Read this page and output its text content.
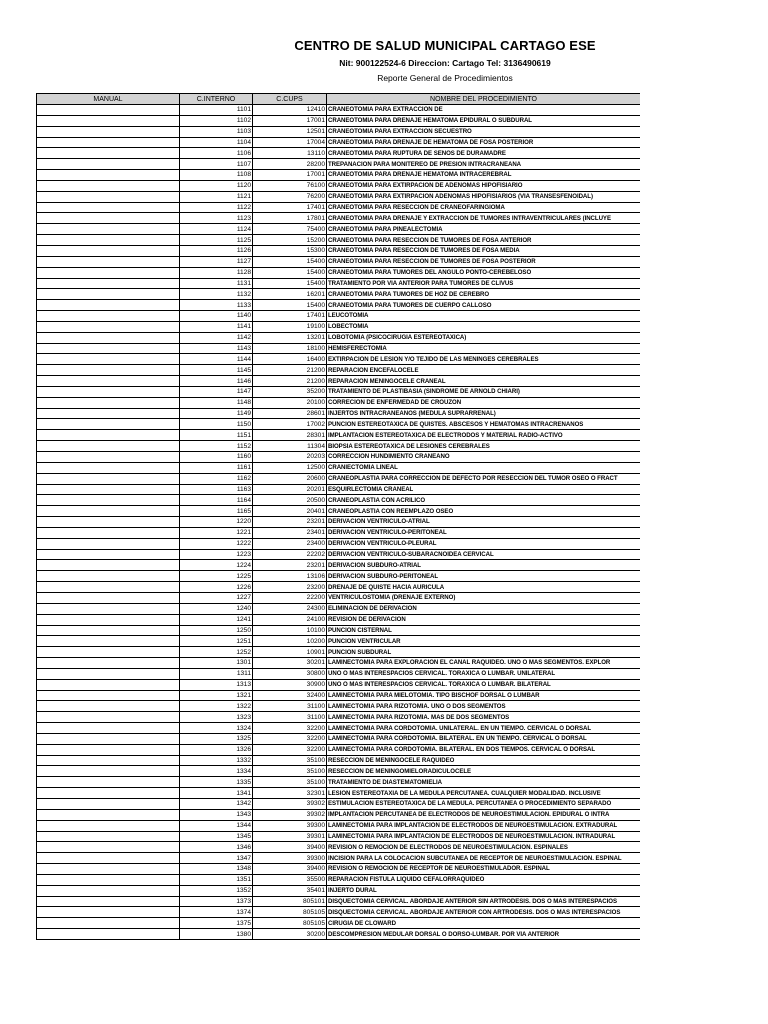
CENTRO DE SALUD MUNICIPAL CARTAGO ESE
Nit: 900122524-6 Direccion: Cartago Tel: 3136490619
Reporte General de Procedimientos
MANUAL	C.INTERNO	C.CUPS	NOMBRE DEL PROCEDIMIENTO
	1101	12410	CRANEOTOMIA PARA EXTRACCION DE
	1102	17001	CRANEOTOMIA PARA DRENAJE HEMATOMA EPIDURAL O SUBDURAL
	1103	12501	CRANEOTOMIA PARA EXTRACCION SECUESTRO
	1104	17004	CRANEOTOMIA PARA DRENAJE DE HEMATOMA DE FOSA POSTERIOR
	1106	13110	CRANEOTOMIA PARA RUPTURA DE SENOS DE DURAMADRE
	1107	28200	TREPANACION PARA MONITEREO DE PRESION INTRACRANEANA
	1108	17001	CRANEOTOMIA PARA DRENAJE HEMATOMA INTRACEREBRAL
	1120	76100	CRANEOTOMIA PARA EXTIRPACION DE ADENOMAS HIPOFISIARIO
	1121	76200	CRANEOTOMIA PARA EXTIRPACION ADENOMAS HIPOFISIARIOS (VIA TRANSESFENOIDAL)
	1122	17401	CRANEOTOMIA PARA RESECCION DE CRANEOFARINGIOMA
	1123	17801	CRANEOTOMIA PARA DRENAJE Y EXTRACCION DE TUMORES INTRAVENTRICULARES (INCLUYE
	1124	75400	CRANEOTOMIA PARA PINEALECTOMIA
	1125	15200	CRANEOTOMIA PARA RESECCION DE TUMORES DE FOSA ANTERIOR
	1126	15300	CRANEOTOMIA PARA RESECCION DE TUMORES DE FOSA MEDIA
	1127	15400	CRANEOTOMIA PARA RESECCION DE TUMORES DE FOSA POSTERIOR
	1128	15400	CRANEOTOMIA PARA TUMORES DEL ANGULO PONTO-CEREBELOSO
	1131	15400	TRATAMIENTO POR VIA ANTERIOR PARA TUMORES DE CLIVUS
	1132	16201	CRANEOTOMIA PARA TUMORES DE HOZ DE CEREBRO
	1133	15400	CRANEOTOMIA PARA TUMORES DE CUERPO CALLOSO
	1140	17401	LEUCOTOMIA
	1141	19100	LOBECTOMIA
	1142	13201	LOBOTOMIA (PSICOCIRUGIA ESTEREOTAXICA)
	1143	18100	HEMISFERECTOMIA
	1144	16400	EXTIRPACION DE LESION Y/O TEJIDO DE LAS MENINGES CEREBRALES
	1145	21200	REPARACION ENCEFALOCELE
	1146	21200	REPARACION MENINGOCELE CRANEAL
	1147	35200	TRATAMIENTO DE PLASTIBASIA (SINDROME DE ARNOLD CHIARI)
	1148	20100	CORRECION DE ENFERMEDAD DE CROUZON
	1149	28601	INJERTOS INTRACRANEANOS (MEDULA SUPRARRENAL)
	1150	17002	PUNCION ESTEREOTAXICA DE QUISTES. ABSCESOS Y HEMATOMAS INTRACRENANOS
	1151	28301	IMPLANTACION ESTEREOTAXICA DE ELECTRODOS Y MATERIAL RADIO-ACTIVO
	1152	11304	BIOPSIA ESTEREOTAXICA DE LESIONES CEREBRALES
	1160	20203	CORRECCION HUNDIMIENTO CRANEANO
	1161	12500	CRANIECTOMIA LINEAL
	1162	20600	CRANEOPLASTIA PARA CORRECCION DE DEFECTO POR RESECCION DEL TUMOR OSEO O FRACT
	1163	20201	ESQUIRLECTOMIA CRANEAL
	1164	20500	CRANEOPLASTIA CON ACRILICO
	1165	20401	CRANEOPLASTIA CON REEMPLAZO OSEO
	1220	23201	DERIVACION VENTRICULO-ATRIAL
	1221	23401	DERIVACION VENTRICULO-PERITONEAL
	1222	23400	DERIVACION VENTRICULO-PLEURAL
	1223	22202	DERIVACION VENTRICULO-SUBARACNOIDEA CERVICAL
	1224	23201	DERIVACION SUBDURO-ATRIAL
	1225	13106	DERIVACION SUBDURO-PERITONEAL
	1226	23200	DRENAJE DE QUISTE HACIA AURICULA
	1227	22200	VENTRICULOSTOMIA (DRENAJE EXTERNO)
	1240	24300	ELIMINACION DE DERIVACION
	1241	24100	REVISION DE DERIVACION
	1250	10100	PUNCION CISTERNAL
	1251	10200	PUNCION VENTRICULAR
	1252	10901	PUNCION SUBDURAL
	1301	30201	LAMINECTOMIA PARA EXPLORACION EL CANAL RAQUIDEO. UNO O MAS SEGMENTOS. EXPLOR
	1311	30800	UNO O MAS INTERESPACIOS CERVICAL. TORAXICA O LUMBAR. UNILATERAL
	1313	30900	UNO O MAS INTERESPACIOS CERVICAL. TORAXICA O LUMBAR. BILATERAL
	1321	32400	LAMINECTOMIA PARA MIELOTOMIA. TIPO BISCHOF DORSAL O LUMBAR
	1322	31100	LAMINECTOMIA PARA RIZOTOMIA. UNO O DOS SEGMENTOS
	1323	31100	LAMINECTOMIA PARA RIZOTOMIA. MAS DE DOS SEGMENTOS
	1324	32200	LAMINECTOMIA PARA CORDOTOMIA. UNILATERAL. EN UN TIEMPO. CERVICAL O DORSAL
	1325	32200	LAMINECTOMIA PARA CORDOTOMIA. BILATERAL. EN UN TIEMPO. CERVICAL O DORSAL
	1326	32200	LAMINECTOMIA PARA CORDOTOMIA. BILATERAL. EN DOS TIEMPOS. CERVICAL O DORSAL
	1332	35100	RESECCION DE MENINGOCELE RAQUIDEO
	1334	35100	RESECCION DE MENINGOMIELORADICULOCELE
	1335	35100	TRATAMIENTO DE DIASTEMATOMIELIA
	1341	32301	LESION ESTEREOTAXIA DE LA MEDULA PERCUTANEA. CUALQUIER MODALIDAD. INCLUSIVE
	1342	39302	ESTIMULACION ESTEREOTAXICA DE LA MEDULA. PERCUTANEA O PROCEDIMIENTO SEPARADO
	1343	39302	IMPLANTACION PERCUTANEA DE ELECTRODOS DE NEUROESTIMULACION. EPIDURAL O INTRA
	1344	39300	LAMINECTOMIA PARA IMPLANTACION DE ELECTRODOS DE NEUROESTIMULACION. EXTRADURAL
	1345	39301	LAMINECTOMIA PARA IMPLANTACION DE ELECTRODOS DE NEUROESTIMULACION. INTRADURAL
	1346	39400	REVISION O REMOCION DE ELECTRODOS DE NEUROESTIMULACION. ESPINALES
	1347	39300	INCISION PARA LA COLOCACION SUBCUTANEA DE RECEPTOR DE NEUROESTIMULACION. ESPINAL
	1348	39400	REVISION O REMOCION DE RECEPTOR DE NEUROESTIMULADOR. ESPINAL
	1351	35500	REPARACION FISTULA LIQUIDO CEFALORRAQUIDEO
	1352	35401	INJERTO DURAL
	1373	805101	DISQUECTOMIA CERVICAL. ABORDAJE ANTERIOR SIN ARTRODESIS. DOS O MAS INTERESPACIOS
	1374	805105	DISQUECTOMIA CERVICAL. ABORDAJE ANTERIOR CON ARTRODESIS. DOS O MAS INTERESPACIOS
	1375	805105	CIRUGIA DE CLOWARD
	1380	30200	DESCOMPRESION MEDULAR DORSAL O DORSO-LUMBAR. POR VIA ANTERIOR
